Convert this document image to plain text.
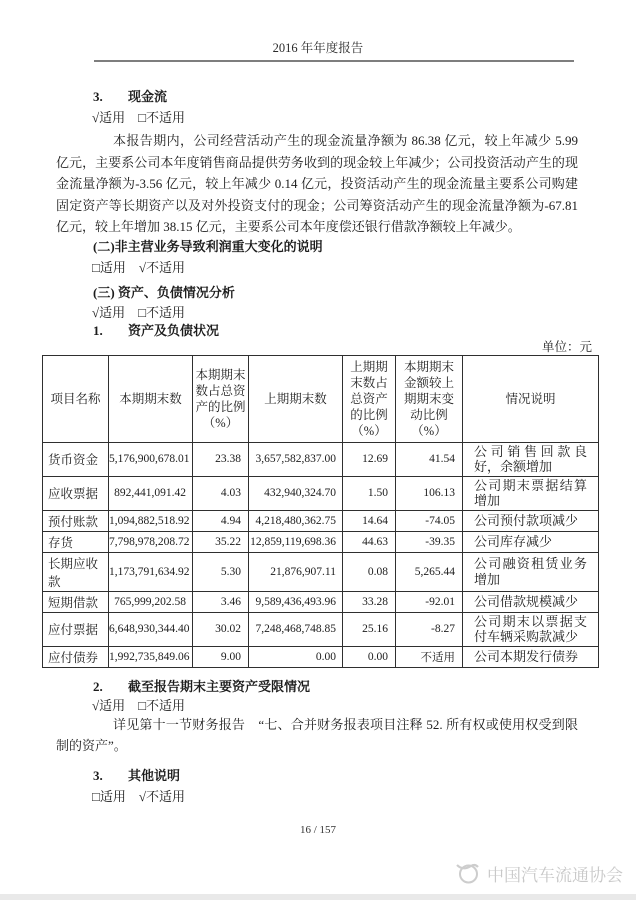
2016 年年度报告

3. 现金流

√适用　□不适用

本报告期内，公司经营活动产生的现金流量净额为 86.38 亿元，较上年减少 5.99 亿元，主要系公司本年度销售商品提供劳务收到的现金较上年减少；公司投资活动产生的现金流量净额为-3.56 亿元，较上年减少 0.14 亿元，投资活动产生的现金流量主要系公司购建固定资产等长期资产以及对外投资支付的现金；公司筹资活动产生的现金流量净额为-67.81 亿元，较上年增加 38.15 亿元，主要系公司本年度偿还银行借款净额较上年减少。

(二)非主营业务导致利润重大变化的说明

□适用　√不适用

(三) 资产、负债情况分析

√适用　□不适用

1. 资产及负债状况

单位：元

项目名称	本期期末数	本期期末数占总资产的比例（%）	上期期末数	上期期末数占总资产的比例（%）	本期期末金额较上期期末变动比例（%）	情况说明
货币资金	5,176,900,678.01	23.38	3,657,582,837.00	12.69	41.54	公司销售回款良好，余额增加
应收票据	892,441,091.42	4.03	432,940,324.70	1.50	106.13	公司期末票据结算增加
预付账款	1,094,882,518.92	4.94	4,218,480,362.75	14.64	-74.05	公司预付款项减少
存货	7,798,978,208.72	35.22	12,859,119,698.36	44.63	-39.35	公司库存减少
长期应收款	1,173,791,634.92	5.30	21,876,907.11	0.08	5,265.44	公司融资租赁业务增加
短期借款	765,999,202.58	3.46	9,589,436,493.96	33.28	-92.01	公司借款规模减少
应付票据	6,648,930,344.40	30.02	7,248,468,748.85	25.16	-8.27	公司期末以票据支付车辆采购款减少
应付债券	1,992,735,849.06	9.00	0.00	0.00	不适用	公司本期发行债券

2. 截至报告期末主要资产受限情况

√适用　□不适用

详见第十一节财务报告　“七、合并财务报表项目注释 52. 所有权或使用权受到限制的资产”。

3. 其他说明

□适用　√不适用

16 / 157
中国汽车流通协会
